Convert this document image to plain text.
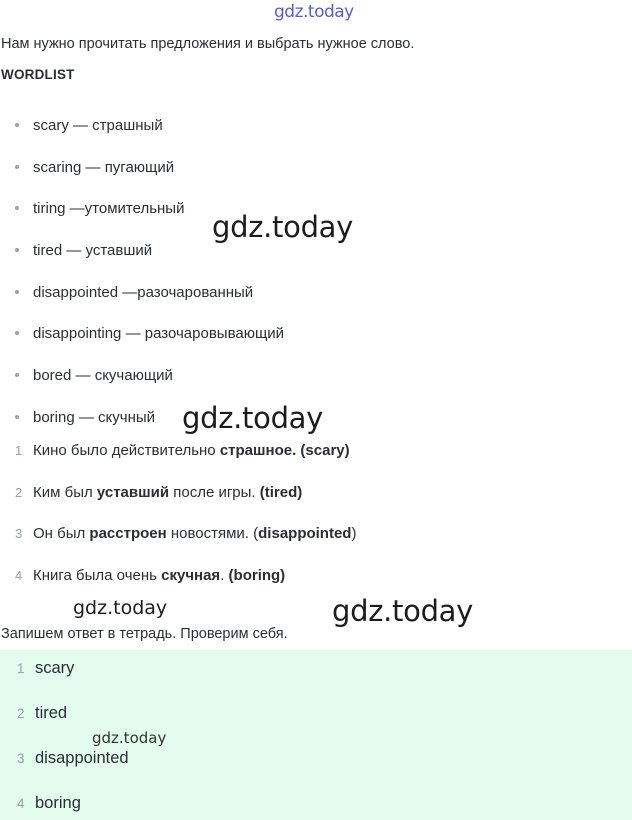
gdz.today
Нам нужно прочитать предложения и выбрать нужное слово.
WORDLIST
scary — страшный
scaring — пугающий
tiring —утомительный
tired — уставший
disappointed —разочарованный
disappointing — разочаровывающий
bored — скучающий
boring — скучный
gdz.today
gdz.today
1 Кино было действительно страшное. (scary)
2 Ким был уставший после игры. (tired)
3 Он был расстроен новостями. (disappointed)
4 Книга была очень скучная. (boring)
gdz.today	gdz.today
Запишем ответ в тетрадь. Проверим себя.
1 scary
2 tired
3 disappointed
4 boring
gdz.today
